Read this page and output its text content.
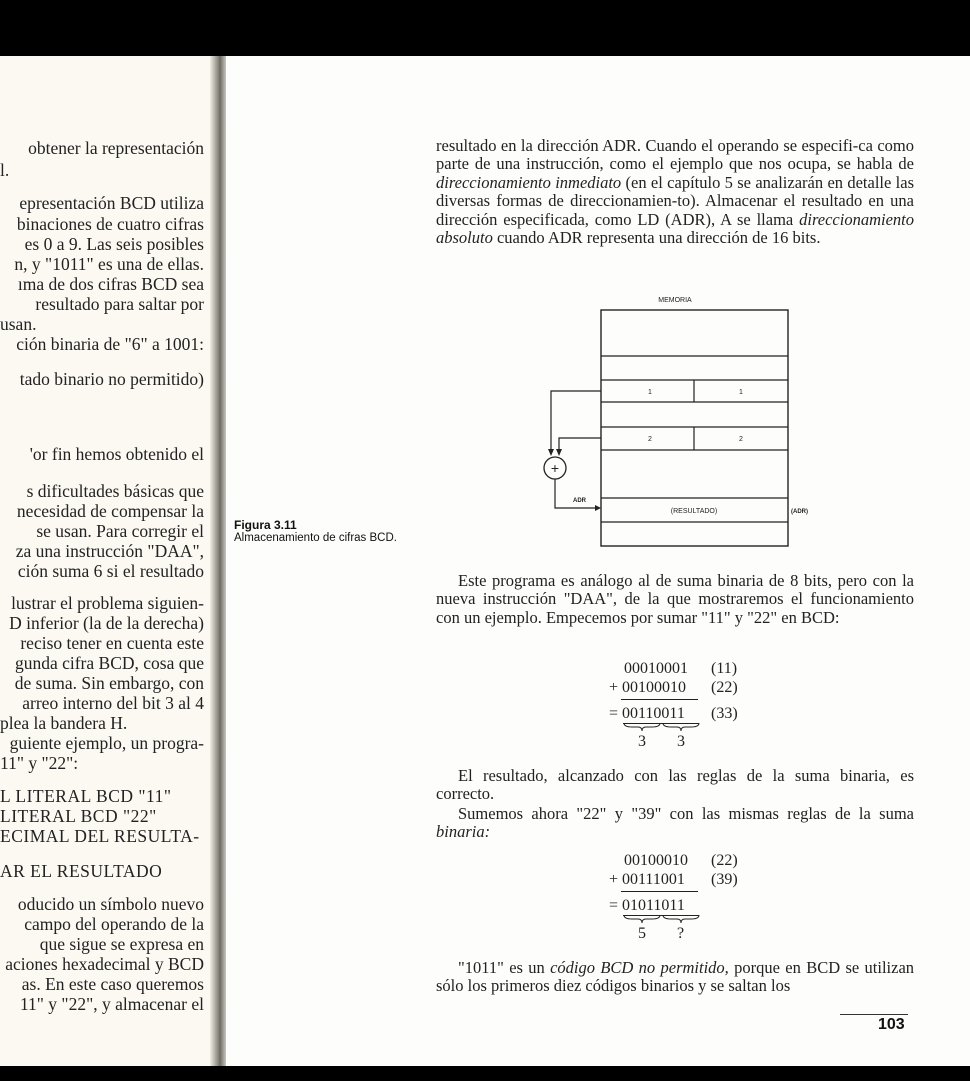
obtener la representación
l.
epresentación BCD utiliza
binaciones de cuatro cifras
es 0 a 9. Las seis posibles
n, y "1011" es una de ellas.
ıma de dos cifras BCD sea
resultado para saltar por
usan.
ción binaria de "6" a 1001:
tado binario no permitido)
'or fin hemos obtenido el
s dificultades básicas que
necesidad de compensar la
se usan. Para corregir el
za una instrucción "DAA",
ción suma 6 si el resultado
lustrar el problema siguien-
D inferior (la de la derecha)
reciso tener en cuenta este
gunda cifra BCD, cosa que
de suma. Sin embargo, con
arreo interno del bit 3 al 4
plea la bandera H.
guiente ejemplo, un progra-
11" y "22":
L LITERAL BCD "11"
LITERAL BCD "22"
ECIMAL DEL RESULTA-
AR EL RESULTADO
oducido un símbolo nuevo
campo del operando de la
que sigue se expresa en
aciones hexadecimal y BCD
as. En este caso queremos
11" y "22", y almacenar el
Figura 3.11
Almacenamiento de cifras BCD.

resultado en la dirección ADR. Cuando el operando se especifi-ca como parte de una instrucción, como el ejemplo que nos ocupa, se habla de direccionamiento inmediato (en el capítulo 5 se analizarán en detalle las diversas formas de direccionamien-to). Almacenar el resultado en una dirección especificada, como LD (ADR), A se llama direccionamiento absoluto cuando ADR representa una dirección de 16 bits.

MEMORIA
1	1
2	2
(RESULTADO)	(ADR)
+
ADR

Este programa es análogo al de suma binaria de 8 bits, pero con la nueva instrucción "DAA", de la que mostraremos el funcionamiento con un ejemplo. Empecemos por sumar "11" y "22" en BCD:

00010001 (11)
+ 00100010 (22)
= 00110011 (33)
3 3

El resultado, alcanzado con las reglas de la suma binaria, es correcto.

Sumemos ahora "22" y "39" con las mismas reglas de la suma binaria:

00100010 (22)
+ 00111001 (39)
= 01011011
5 ?

"1011" es un código BCD no permitido, porque en BCD se utilizan sólo los primeros diez códigos binarios y se saltan los

103
